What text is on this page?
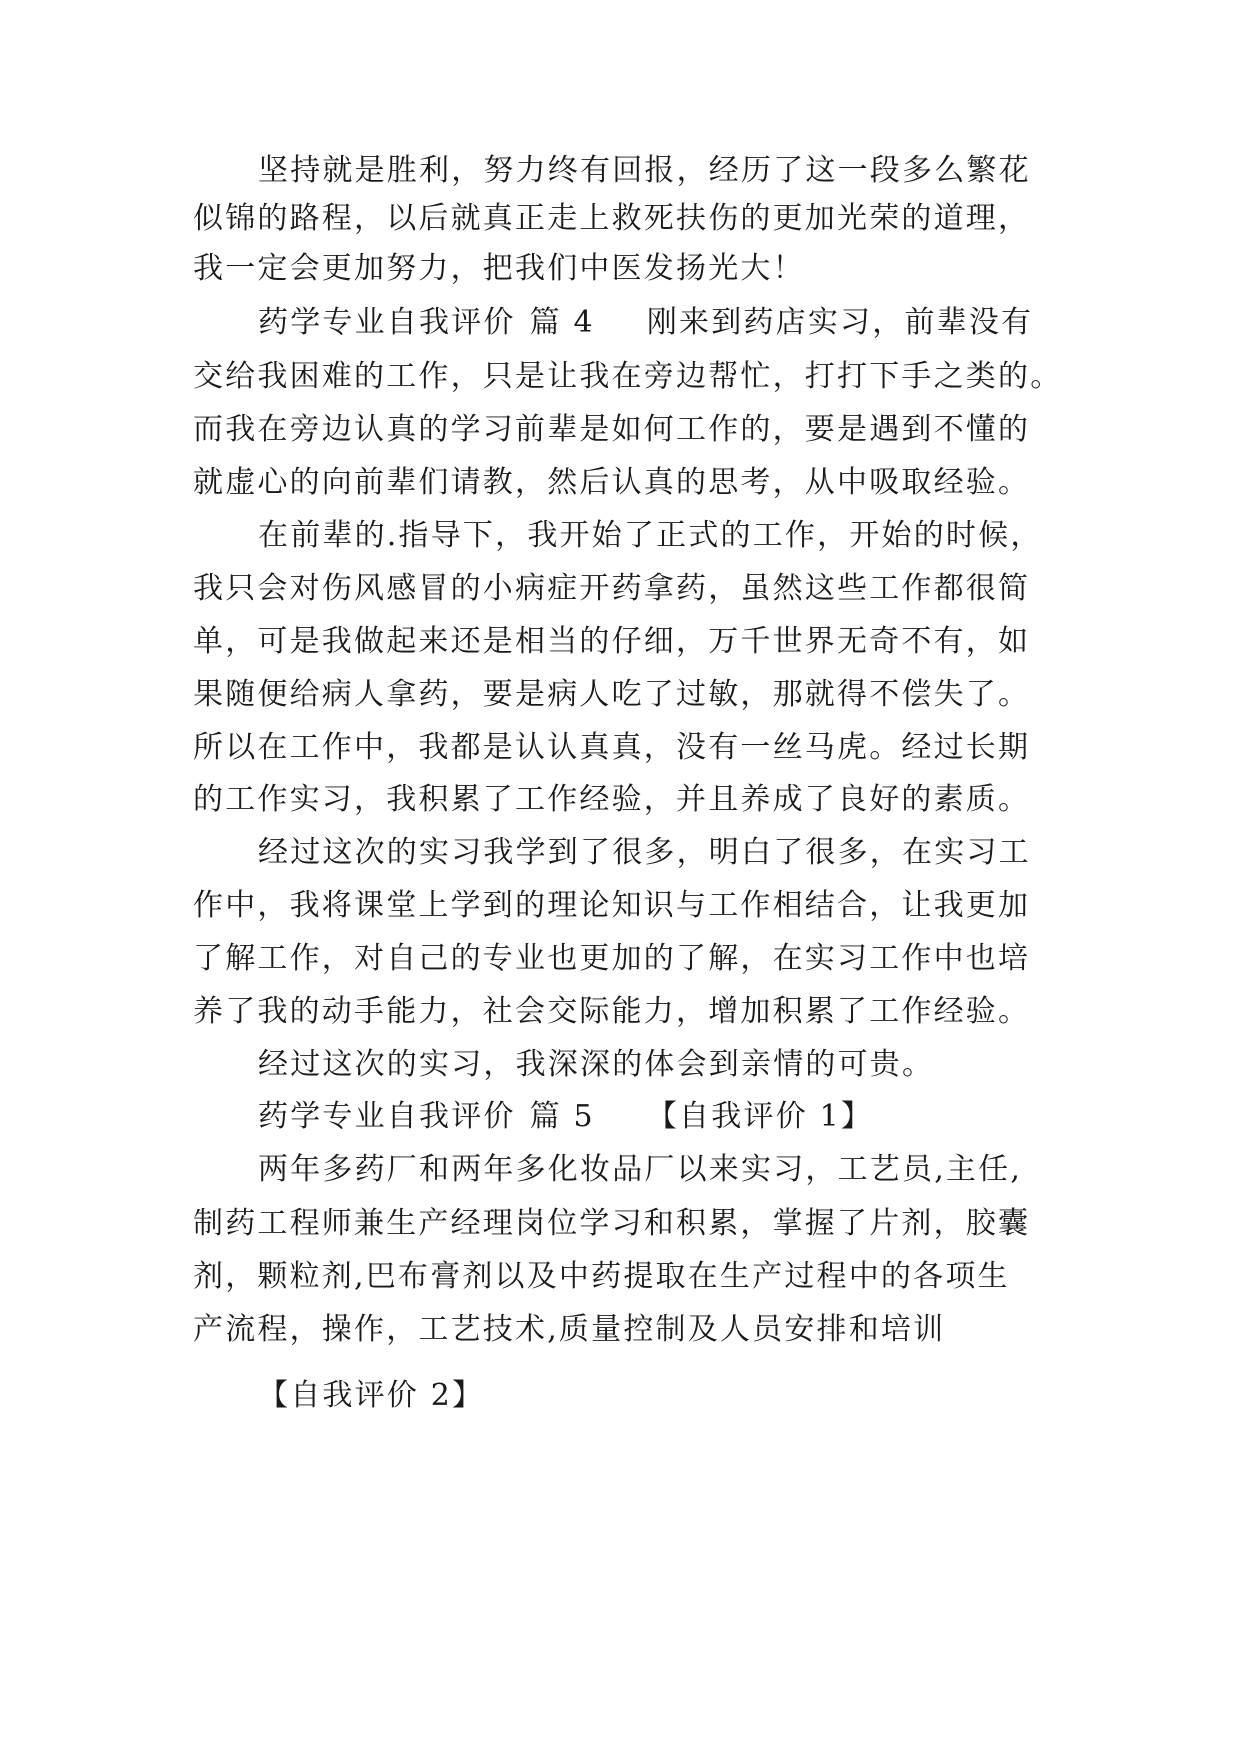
坚持就是胜利，努力终有回报，经历了这一段多么繁花
似锦的路程，以后就真正走上救死扶伤的更加光荣的道理，
我一定会更加努力，把我们中医发扬光大！
药学专业自我评价 篇 4 刚来到药店实习，前辈没有
交给我困难的工作，只是让我在旁边帮忙，打打下手之类的。
而我在旁边认真的学习前辈是如何工作的，要是遇到不懂的
就虚心的向前辈们请教，然后认真的思考，从中吸取经验。
在前辈的.指导下，我开始了正式的工作，开始的时候，
我只会对伤风感冒的小病症开药拿药，虽然这些工作都很简
单，可是我做起来还是相当的仔细，万千世界无奇不有，如
果随便给病人拿药，要是病人吃了过敏，那就得不偿失了。
所以在工作中，我都是认认真真，没有一丝马虎。经过长期
的工作实习，我积累了工作经验，并且养成了良好的素质。
经过这次的实习我学到了很多，明白了很多，在实习工
作中，我将课堂上学到的理论知识与工作相结合，让我更加
了解工作，对自己的专业也更加的了解，在实习工作中也培
养了我的动手能力，社会交际能力，增加积累了工作经验。
经过这次的实习，我深深的体会到亲情的可贵。
药学专业自我评价 篇 5 【自我评价 1】
两年多药厂和两年多化妆品厂以来实习，工艺员,主任,
制药工程师兼生产经理岗位学习和积累，掌握了片剂，胶囊
剂，颗粒剂,巴布膏剂以及中药提取在生产过程中的各项生
产流程，操作，工艺技术,质量控制及人员安排和培训
【自我评价 2】
